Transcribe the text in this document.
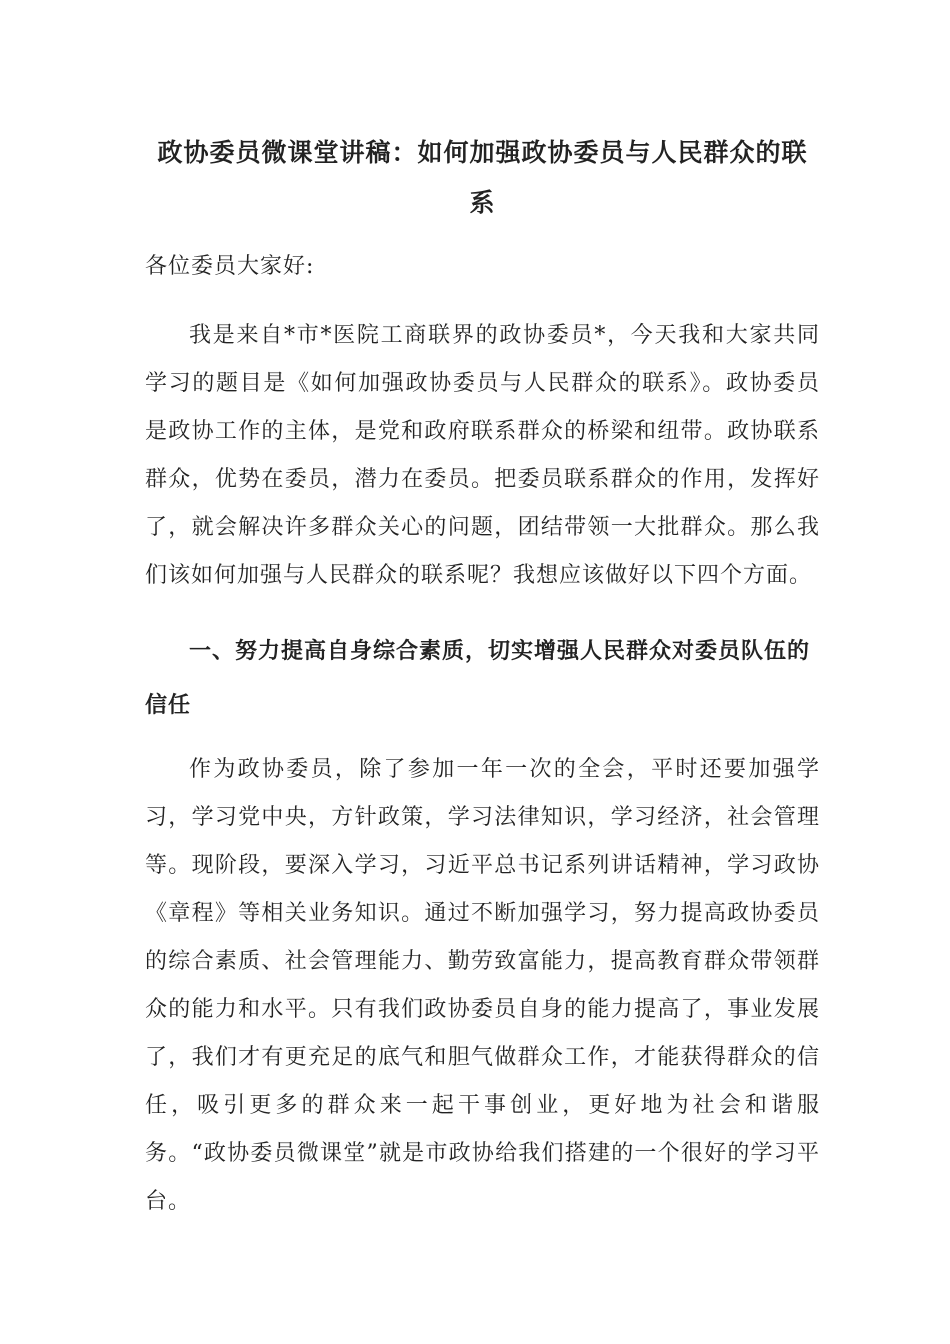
政协委员微课堂讲稿：如何加强政协委员与人民群众的联系

各位委员大家好:

我是来自*市*医院工商联界的政协委员*，今天我和大家共同学习的题目是《如何加强政协委员与人民群众的联系》。政协委员是政协工作的主体，是党和政府联系群众的桥梁和纽带。政协联系群众，优势在委员，潜力在委员。把委员联系群众的作用，发挥好了，就会解决许多群众关心的问题，团结带领一大批群众。那么我们该如何加强与人民群众的联系呢？我想应该做好以下四个方面。

一、努力提高自身综合素质，切实增强人民群众对委员队伍的信任

作为政协委员，除了参加一年一次的全会，平时还要加强学习，学习党中央，方针政策，学习法律知识，学习经济，社会管理等。现阶段，要深入学习，习近平总书记系列讲话精神，学习政协《章程》等相关业务知识。通过不断加强学习，努力提高政协委员的综合素质、社会管理能力、勤劳致富能力，提高教育群众带领群众的能力和水平。只有我们政协委员自身的能力提高了，事业发展了，我们才有更充足的底气和胆气做群众工作，才能获得群众的信任，吸引更多的群众来一起干事创业，更好地为社会和谐服务。“政协委员微课堂”就是市政协给我们搭建的一个很好的学习平台。
